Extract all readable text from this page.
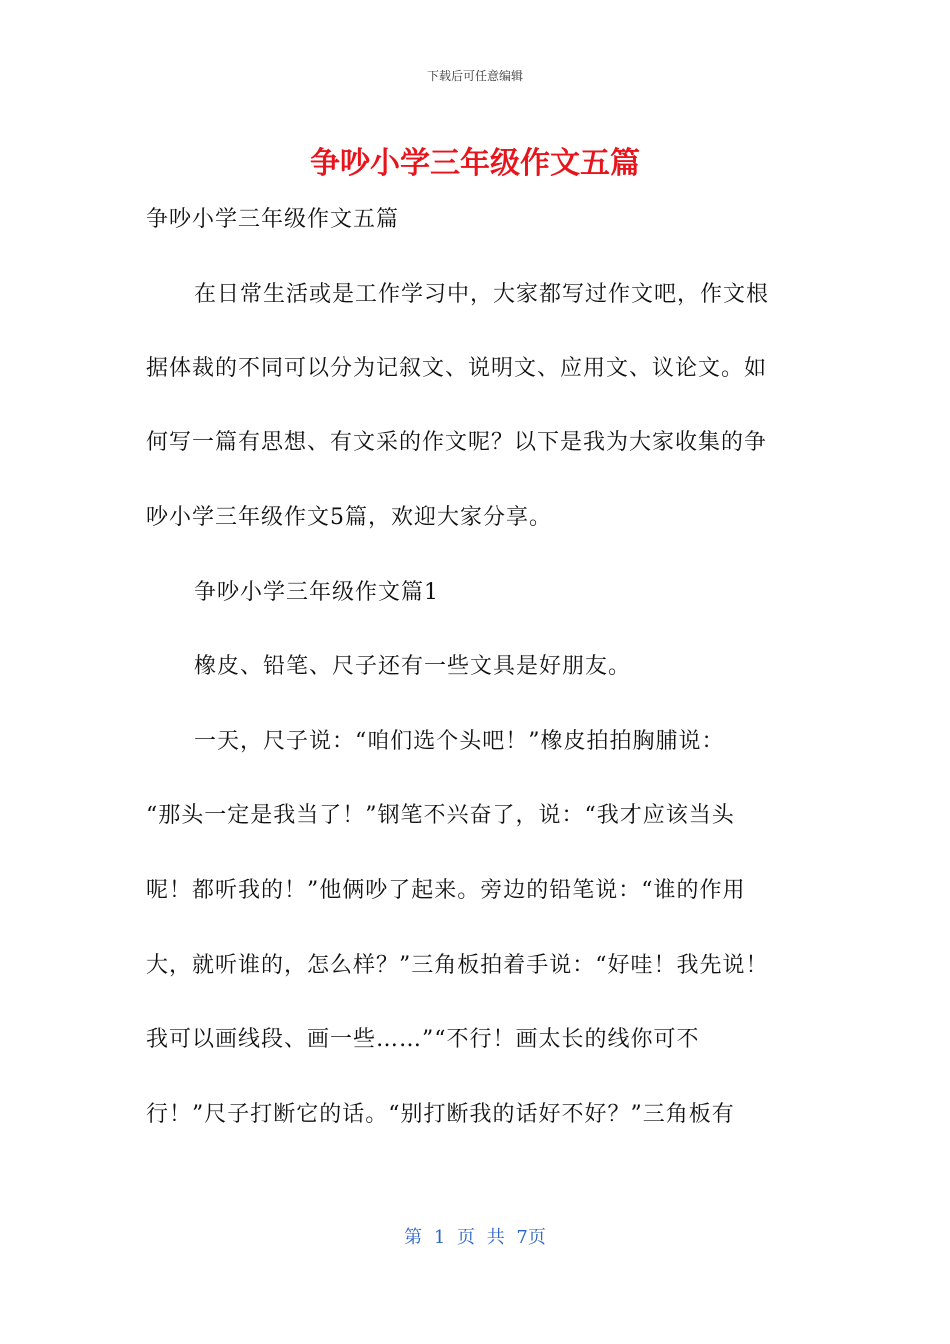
下载后可任意编辑
争吵小学三年级作文五篇

争吵小学三年级作文五篇

在日常生活或是工作学习中，大家都写过作文吧，作文根

据体裁的不同可以分为记叙文、说明文、应用文、议论文。如

何写一篇有思想、有文采的作文呢？以下是我为大家收集的争

吵小学三年级作文5篇，欢迎大家分享。

争吵小学三年级作文篇1

橡皮、铅笔、尺子还有一些文具是好朋友。

一天，尺子说：“咱们选个头吧！”橡皮拍拍胸脯说：

“那头一定是我当了！”钢笔不兴奋了，说：“我才应该当头

呢！都听我的！”他俩吵了起来。旁边的铅笔说：“谁的作用

大，就听谁的，怎么样？”三角板拍着手说：“好哇！我先说！

我可以画线段、画一些……”“不行！画太长的线你可不

行！”尺子打断它的话。“别打断我的话好不好？”三角板有

第 1 页 共 7页
